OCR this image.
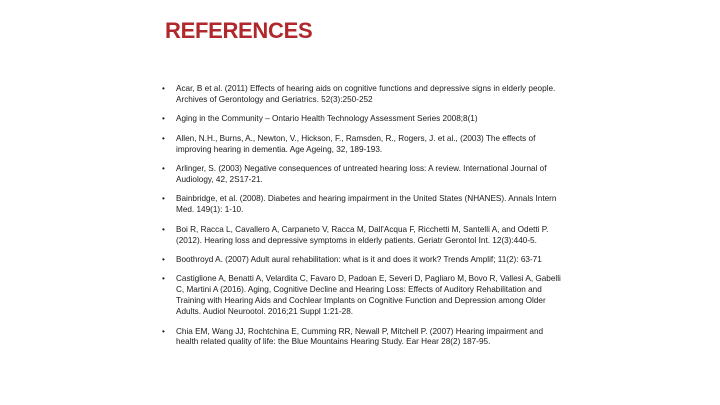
REFERENCES
• Acar, B et al. (2011) Effects of hearing aids on cognitive functions and depressive signs in elderly people.
Archives of Gerontology and Geriatrics. 52(3):250-252
• Aging in the Community – Ontario Health Technology Assessment Series 2008;8(1)
• Allen, N.H., Burns, A., Newton, V., Hickson, F., Ramsden, R., Rogers, J. et al., (2003) The effects of
improving hearing in dementia. Age Ageing, 32, 189-193.
• Arlinger, S. (2003) Negative consequences of untreated hearing loss: A review. International Journal of
Audiology, 42, 2S17-21.
• Bainbridge, et al. (2008). Diabetes and hearing impairment in the United States (NHANES). Annals Intern
Med. 149(1): 1-10.
• Boi R, Racca L, Cavallero A, Carpaneto V, Racca M, Dall'Acqua F, Ricchetti M, Santelli A, and Odetti P.
(2012). Hearing loss and depressive symptoms in elderly patients. Geriatr Gerontol Int. 12(3):440-5.
• Boothroyd A. (2007) Adult aural rehabilitation: what is it and does it work? Trends Amplif; 11(2): 63-71
• Castiglione A, Benatti A, Velardita C, Favaro D, Padoan E, Severi D, Pagliaro M, Bovo R, Vallesi A, Gabelli
C, Martini A (2016). Aging, Cognitive Decline and Hearing Loss: Effects of Auditory Rehabilitation and
Training with Hearing Aids and Cochlear Implants on Cognitive Function and Depression among Older
Adults. Audiol Neurootol. 2016;21 Suppl 1:21-28.
• Chia EM, Wang JJ, Rochtchina E, Cumming RR, Newall P, Mitchell P. (2007) Hearing impairment and
health related quality of life: the Blue Mountains Hearing Study. Ear Hear 28(2) 187-95.
